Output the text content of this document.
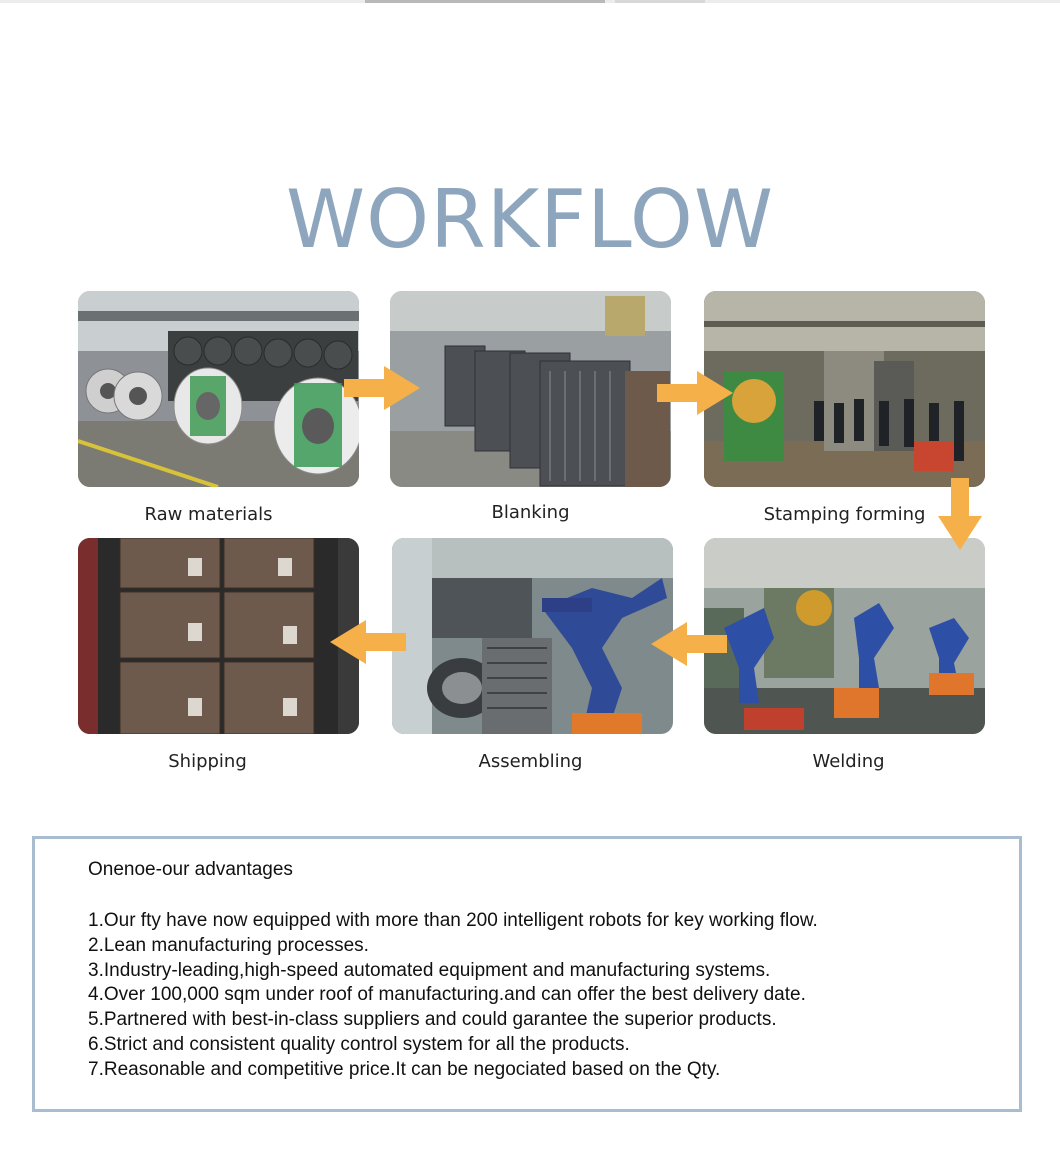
WORKFLOW
Raw materials	Blanking	Stamping forming
Welding
Assembling
Shipping
Onenoe-our advantages
1.Our fty have now equipped with more than 200 intelligent robots for key working flow.
2.Lean manufacturing processes.
3.Industry-leading,high-speed automated equipment and manufacturing systems.
4.Over 100,000 sqm under roof of manufacturing.and can offer the best delivery date.
5.Partnered with best-in-class suppliers and could garantee the superior products.
6.Strict and consistent quality control system for all the products.
7.Reasonable and competitive price.It can be negociated based on the Qty.
